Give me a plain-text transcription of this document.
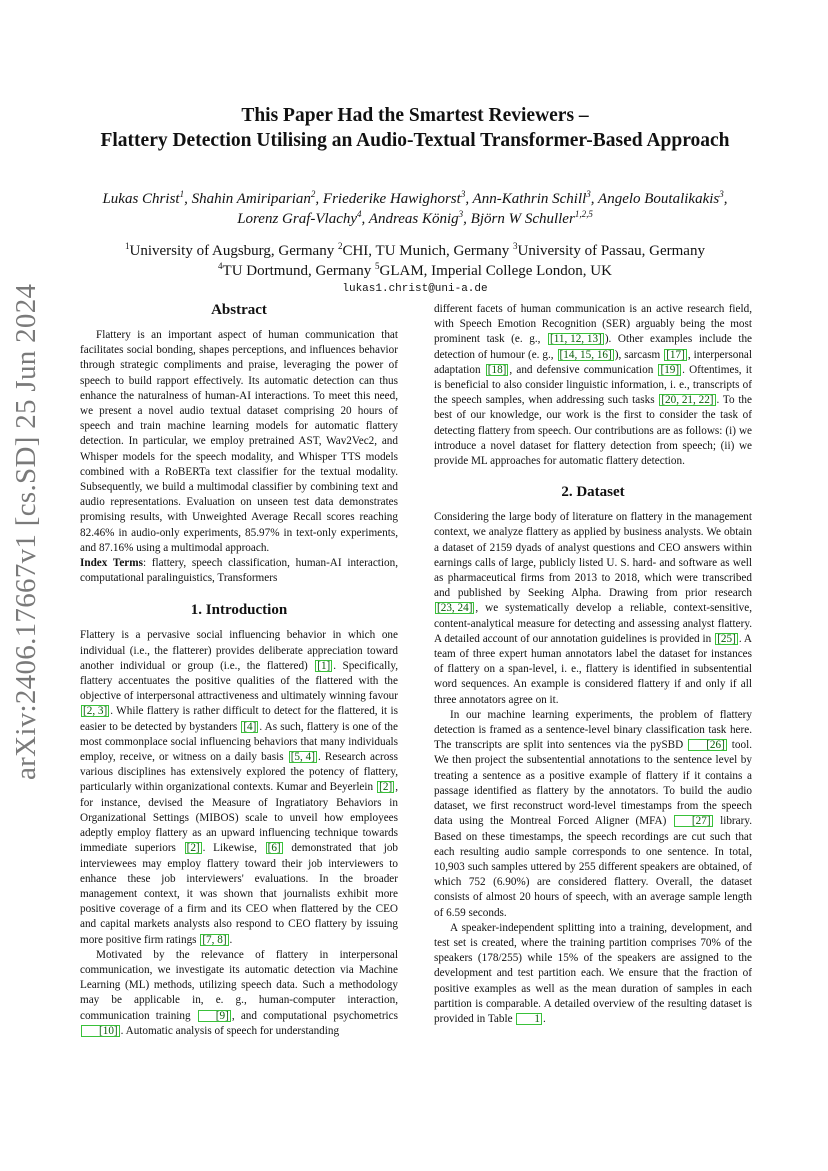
arXiv:2406.17667v1 [cs.SD] 25 Jun 2024
This Paper Had the Smartest Reviewers –
Flattery Detection Utilising an Audio-Textual Transformer-Based Approach
Lukas Christ$^1$, Shahin Amiriparian$^2$, Friederike Hawighorst$^3$, Ann-Kathrin Schill$^3$, Angelo Boutalikakis$^3$, Lorenz Graf-Vlachy$^4$, Andreas König$^3$, Björn W Schuller$^{1,2,5}$
$^1$University of Augsburg, Germany $^2$CHI, TU Munich, Germany $^3$University of Passau, Germany
$^4$TU Dortmund, Germany $^5$GLAM, Imperial College London, UK
lukas1.christ@uni-a.de
Abstract

Flattery is an important aspect of human communication that facilitates social bonding, shapes perceptions, and influences behavior through strategic compliments and praise, leveraging the power of speech to build rapport effectively. Its automatic detection can thus enhance the naturalness of human-AI interactions. To meet this need, we present a novel audio textual dataset comprising 20 hours of speech and train machine learning models for automatic flattery detection. In particular, we employ pretrained AST, Wav2Vec2, and Whisper models for the speech modality, and Whisper TTS models combined with a RoBERTa text classifier for the textual modality. Subsequently, we build a multimodal classifier by combining text and audio representations. Evaluation on unseen test data demonstrates promising results, with Unweighted Average Recall scores reaching 82.46% in audio-only experiments, 85.97% in text-only experiments, and 87.16% using a multimodal approach.

Index Terms: flattery, speech classification, human-AI interaction, computational paralinguistics, Transformers

1. Introduction

Flattery is a pervasive social influencing behavior in which one individual (i.e., the flatterer) provides deliberate appreciation toward another individual or group (i.e., the flattered) [1] . Specifically, flattery accentuates the positive qualities of the flattered with the objective of interpersonal attractiveness and ultimately winning favour [2, 3] . While flattery is rather difficult to detect for the flattered, it is easier to be detected by bystanders [4] . As such, flattery is one of the most commonplace social influencing behaviors that many individuals employ, receive, or witness on a daily basis [5, 4] . Research across various disciplines has extensively explored the potency of flattery, particularly within organizational contexts. Kumar and Beyerlein [2] , for instance, devised the Measure of Ingratiatory Behaviors in Organizational Settings (MIBOS) scale to unveil how employees adeptly employ flattery as an upward influencing technique towards immediate superiors [2] . Likewise, [6] demonstrated that job interviewees may employ flattery toward their job interviewers to enhance these job interviewers' evaluations. In the broader management context, it was shown that journalists exhibit more positive coverage of a firm and its CEO when flattered by the CEO and capital markets analysts also respond to CEO flattery by issuing more positive firm ratings [7, 8] .

Motivated by the relevance of flattery in interpersonal communication, we investigate its automatic detection via Machine Learning (ML) methods, utilizing speech data. Such a methodology may be applicable in, e. g., human-computer interaction, communication training [9] , and computational psychometrics [10] . Automatic analysis of speech for understanding

different facets of human communication is an active research field, with Speech Emotion Recognition (SER) arguably being the most prominent task (e. g., [11, 12, 13] ). Other examples include the detection of humour (e. g., [14, 15, 16] ), sarcasm [17] , interpersonal adaptation [18] , and defensive communication [19] . Oftentimes, it is beneficial to also consider linguistic information, i. e., transcripts of the speech samples, when addressing such tasks [20, 21, 22] . To the best of our knowledge, our work is the first to consider the task of detecting flattery from speech. Our contributions are as follows: (i) we introduce a novel dataset for flattery detection from speech; (ii) we provide ML approaches for automatic flattery detection.

2. Dataset

Considering the large body of literature on flattery in the management context, we analyze flattery as applied by business analysts. We obtain a dataset of 2159 dyads of analyst questions and CEO answers within earnings calls of large, publicly listed U. S. hard- and software as well as pharmaceutical firms from 2013 to 2018, which were transcribed and published by Seeking Alpha. Drawing from prior research [23, 24] , we systematically develop a reliable, context-sensitive, content-analytical measure for detecting and assessing analyst flattery. A detailed account of our annotation guidelines is provided in [25] . A team of three expert human annotators label the dataset for instances of flattery on a span-level, i. e., flattery is identified in subsentential word sequences. An example is considered flattery if and only if all three annotators agree on it.

In our machine learning experiments, the problem of flattery detection is framed as a sentence-level binary classification task here. The transcripts are split into sentences via the pySBD [26] tool. We then project the subsentential annotations to the sentence level by treating a sentence as a positive example of flattery if it contains a passage identified as flattery by the annotators. To build the audio dataset, we first reconstruct word-level timestamps from the speech data using the Montreal Forced Aligner (MFA) [27] library. Based on these timestamps, the speech recordings are cut such that each resulting audio sample corresponds to one sentence. In total, 10,903 such samples uttered by 255 different speakers are obtained, of which 752 (6.90%) are considered flattery. Overall, the dataset consists of almost 20 hours of speech, with an average sample length of 6.59 seconds.

A speaker-independent splitting into a training, development, and test set is created, where the training partition comprises 70% of the speakers (178/255) while 15% of the speakers are assigned to the development and test partition each. We ensure that the fraction of positive examples as well as the mean duration of samples in each partition is comparable. A detailed overview of the resulting dataset is provided in Table 1 .
